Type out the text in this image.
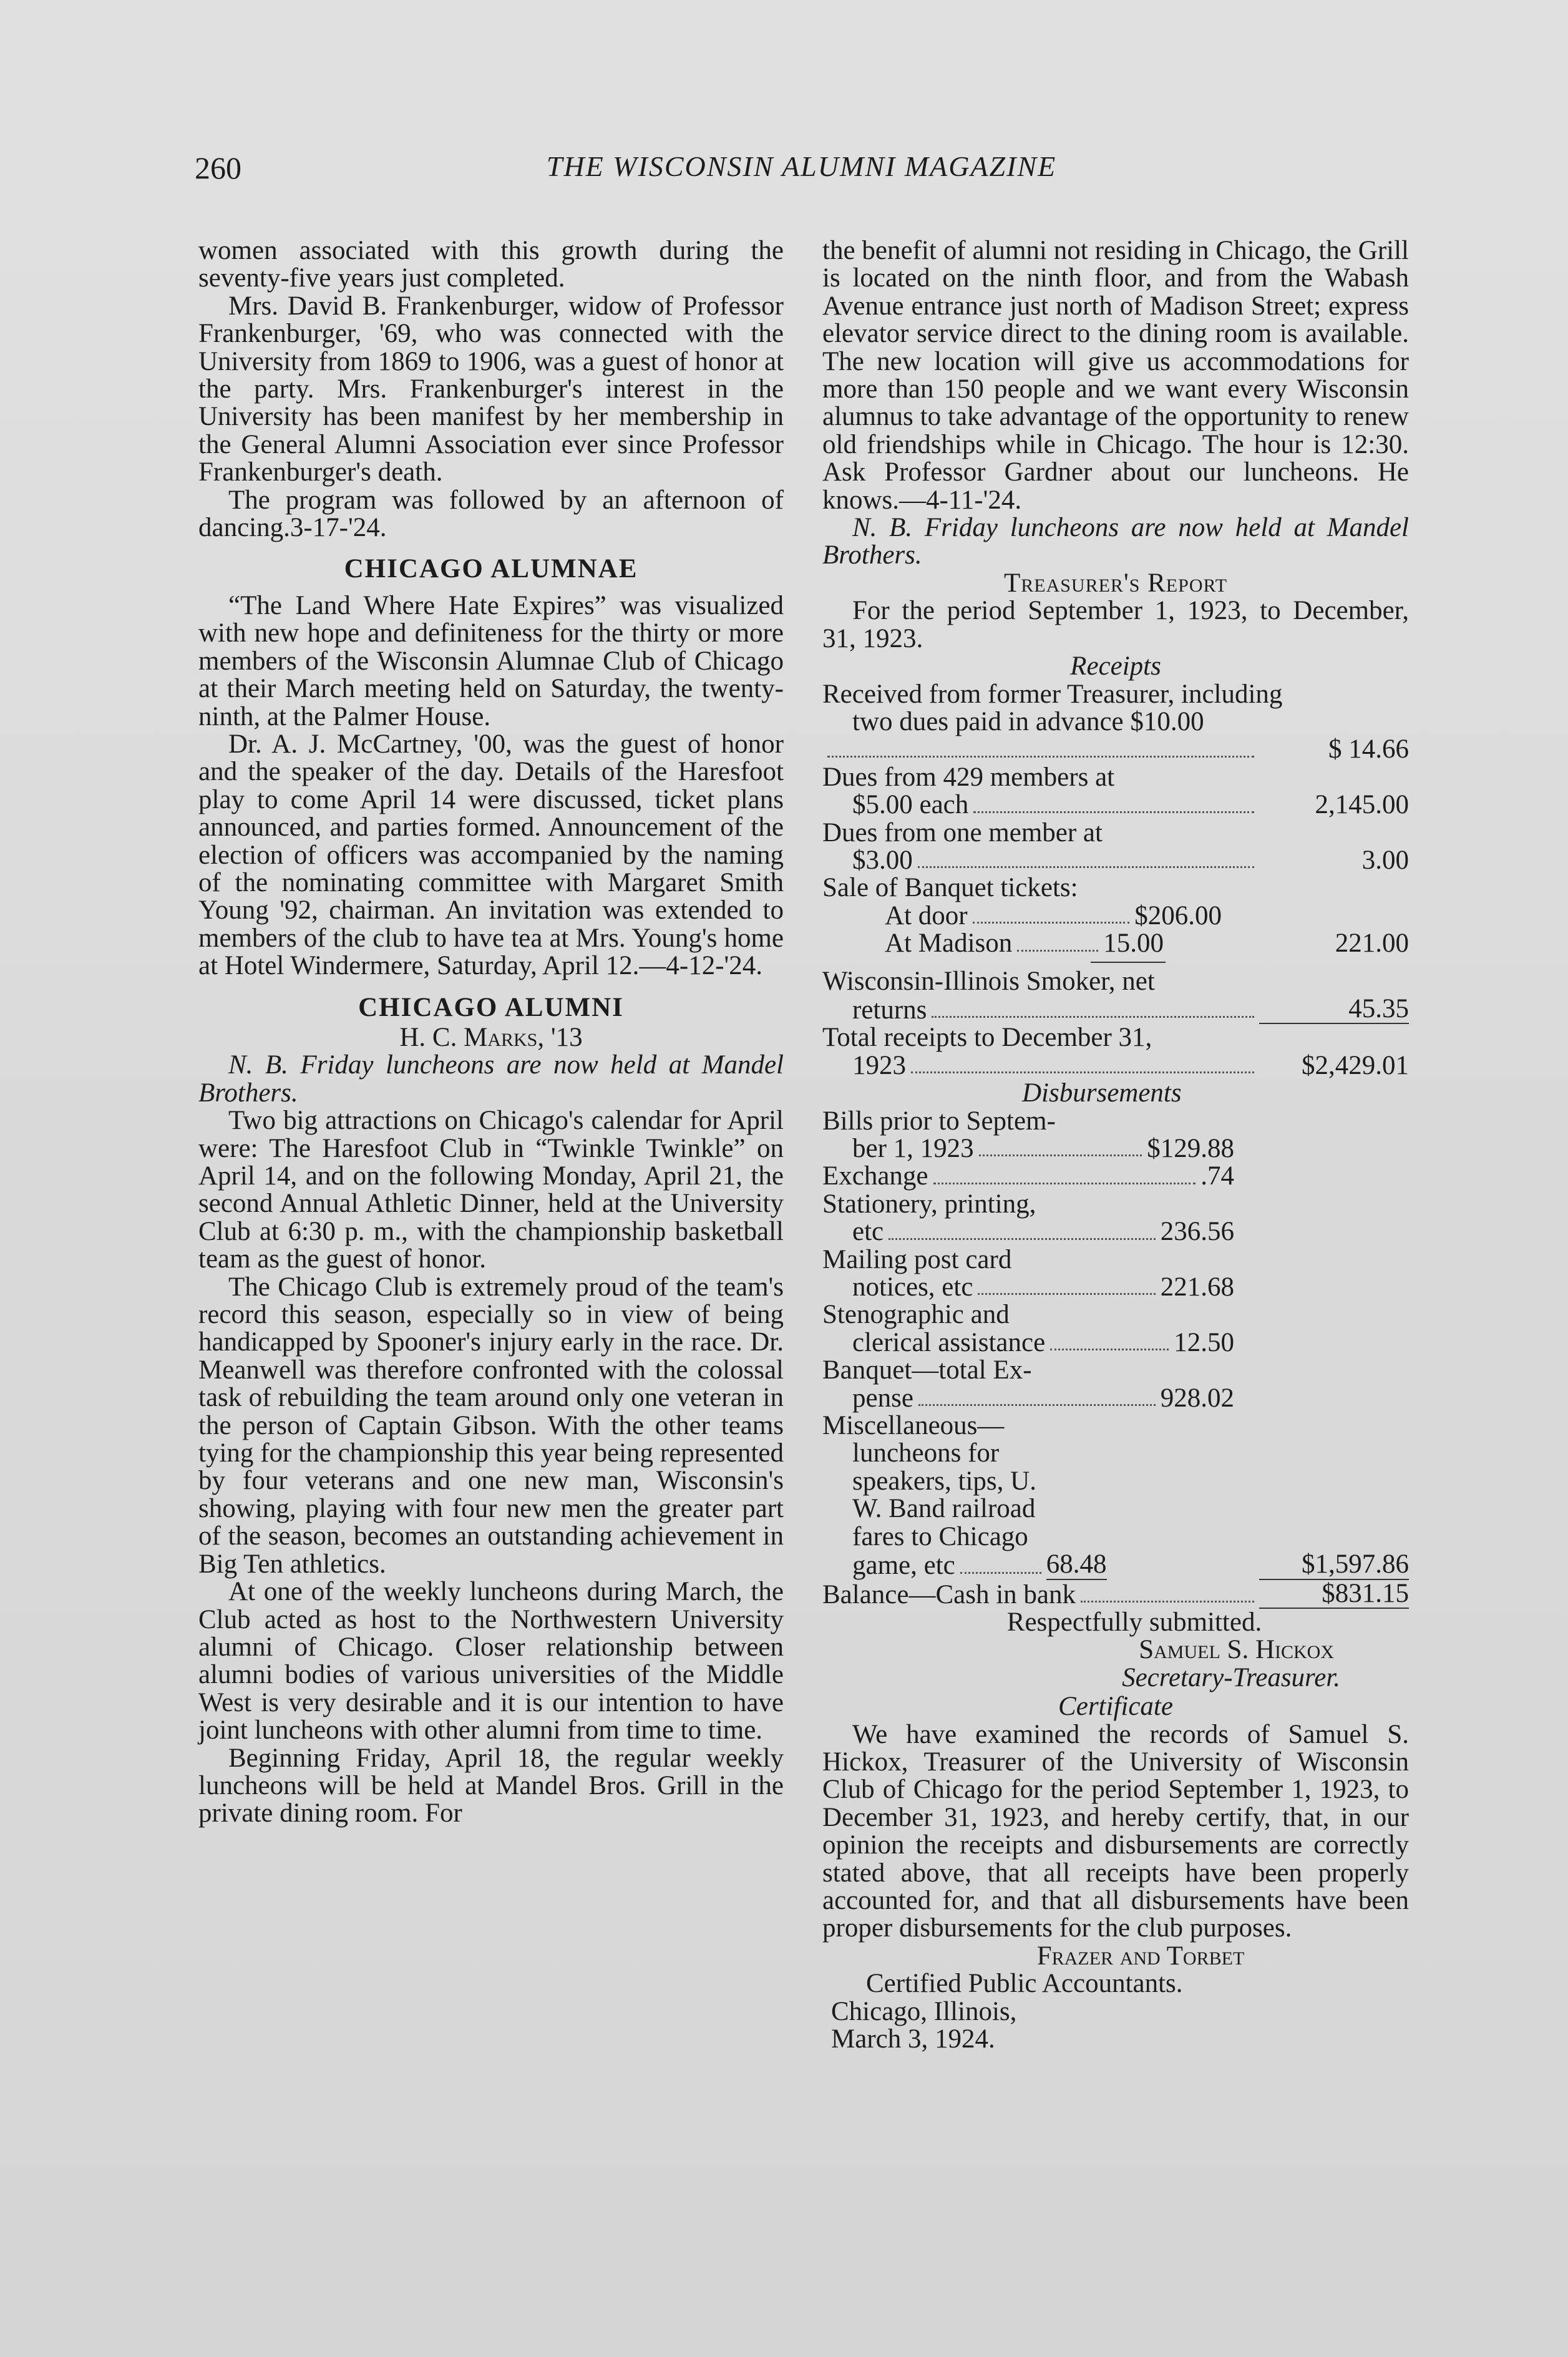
260	THE WISCONSIN ALUMNI MAGAZINE

women associated with this growth during the seventy-five years just completed.

Mrs. David B. Frankenburger, widow of Professor Frankenburger, '69, who was connected with the University from 1869 to 1906, was a guest of honor at the party. Mrs. Frankenburger's interest in the University has been manifest by her membership in the General Alumni Association ever since Professor Frankenburger's death.

The program was followed by an afternoon of dancing.3-17-'24.

CHICAGO ALUMNAE

“The Land Where Hate Expires” was visualized with new hope and definiteness for the thirty or more members of the Wisconsin Alumnae Club of Chicago at their March meeting held on Saturday, the twenty-ninth, at the Palmer House.

Dr. A. J. McCartney, '00, was the guest of honor and the speaker of the day. Details of the Haresfoot play to come April 14 were discussed, ticket plans announced, and parties formed. Announcement of the election of officers was accompanied by the naming of the nominating committee with Margaret Smith Young '92, chairman. An invitation was extended to members of the club to have tea at Mrs. Young's home at Hotel Windermere, Saturday, April 12.—4-12-'24.

CHICAGO ALUMNI
H. C. Marks, '13

N. B. Friday luncheons are now held at Mandel Brothers.

Two big attractions on Chicago's calendar for April were: The Haresfoot Club in “Twinkle Twinkle” on April 14, and on the following Monday, April 21, the second Annual Athletic Dinner, held at the University Club at 6:30 p. m., with the championship basketball team as the guest of honor.

The Chicago Club is extremely proud of the team's record this season, especially so in view of being handicapped by Spooner's injury early in the race. Dr. Meanwell was therefore confronted with the colossal task of rebuilding the team around only one veteran in the person of Captain Gibson. With the other teams tying for the championship this year being represented by four veterans and one new man, Wisconsin's showing, playing with four new men the greater part of the season, becomes an outstanding achievement in Big Ten athletics.

At one of the weekly luncheons during March, the Club acted as host to the Northwestern University alumni of Chicago. Closer relationship between alumni bodies of various universities of the Middle West is very desirable and it is our intention to have joint luncheons with other alumni from time to time.

Beginning Friday, April 18, the regular weekly luncheons will be held at Mandel Bros. Grill in the private dining room. For

the benefit of alumni not residing in Chicago, the Grill is located on the ninth floor, and from the Wabash Avenue entrance just north of Madison Street; express elevator service direct to the dining room is available. The new location will give us accommodations for more than 150 people and we want every Wisconsin alumnus to take advantage of the opportunity to renew old friendships while in Chicago. The hour is 12:30. Ask Professor Gardner about our luncheons. He knows.—4-11-'24.

N. B. Friday luncheons are now held at Mandel Brothers.

Treasurer's Report

For the period September 1, 1923, to December, 31, 1923.

Receipts
Received from former Treasurer, including
two dues paid in advance $10.00
$ 14.66
Dues from 429 members at
$5.00 each	2,145.00
Dues from one member at
$3.00	3.00
Sale of Banquet tickets:
At door	$206.00
At Madison	15.00	221.00
Wisconsin-Illinois Smoker, net
returns	45.35
Total receipts to December 31,
1923	$2,429.01
Disbursements
Bills prior to Septem-
ber 1, 1923	$129.88
Exchange	.74
Stationery, printing,
etc	236.56
Mailing post card
notices, etc	221.68
Stenographic and
clerical assistance	12.50
Banquet—total Ex-
pense	928.02
Miscellaneous—
luncheons for
speakers, tips, U.
W. Band railroad
fares to Chicago
game, etc	68.48	$1,597.86
Balance—Cash in bank	$831.15
Respectfully submitted.
Samuel S. Hickox
Secretary-Treasurer.
Certificate

We have examined the records of Samuel S. Hickox, Treasurer of the University of Wisconsin Club of Chicago for the period September 1, 1923, to December 31, 1923, and hereby certify, that, in our opinion the receipts and disbursements are correctly stated above, that all receipts have been properly accounted for, and that all disbursements have been proper disbursements for the club purposes.

Frazer and Torbet
Certified Public Accountants.
Chicago, Illinois,
March 3, 1924.
